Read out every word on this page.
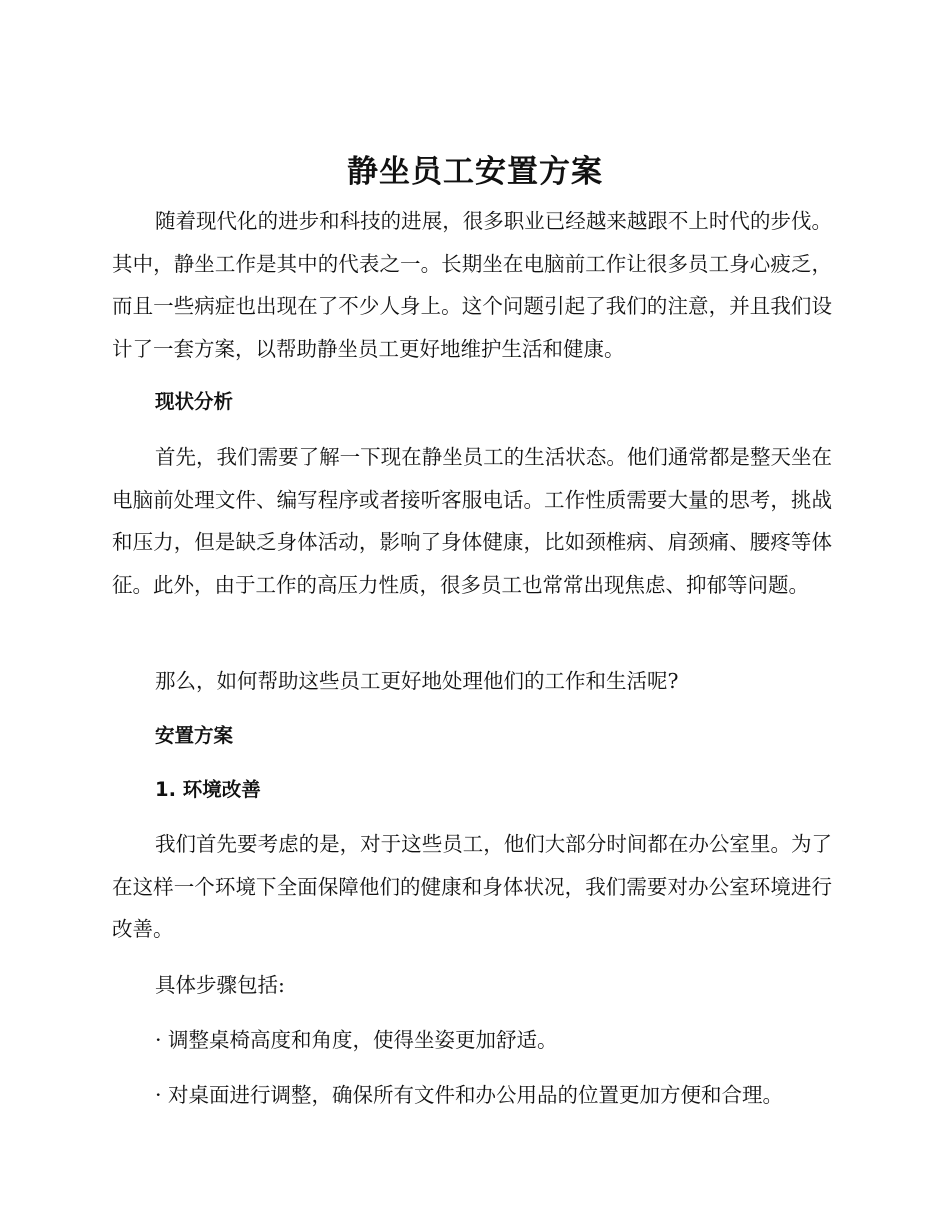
静坐员工安置方案

随着现代化的进步和科技的进展，很多职业已经越来越跟不上时代的步伐。其中，静坐工作是其中的代表之一。长期坐在电脑前工作让很多员工身心疲乏，而且一些病症也出现在了不少人身上。这个问题引起了我们的注意，并且我们设计了一套方案，以帮助静坐员工更好地维护生活和健康。

现状分析

首先，我们需要了解一下现在静坐员工的生活状态。他们通常都是整天坐在电脑前处理文件、编写程序或者接听客服电话。工作性质需要大量的思考，挑战和压力，但是缺乏身体活动，影响了身体健康，比如颈椎病、肩颈痛、腰疼等体征。此外，由于工作的高压力性质，很多员工也常常出现焦虑、抑郁等问题。

那么，如何帮助这些员工更好地处理他们的工作和生活呢?
安置方案
1. 环境改善

我们首先要考虑的是，对于这些员工，他们大部分时间都在办公室里。为了在这样一个环境下全面保障他们的健康和身体状况，我们需要对办公室环境进行改善。

具体步骤包括:
· 调整桌椅高度和角度，使得坐姿更加舒适。
· 对桌面进行调整，确保所有文件和办公用品的位置更加方便和合理。
